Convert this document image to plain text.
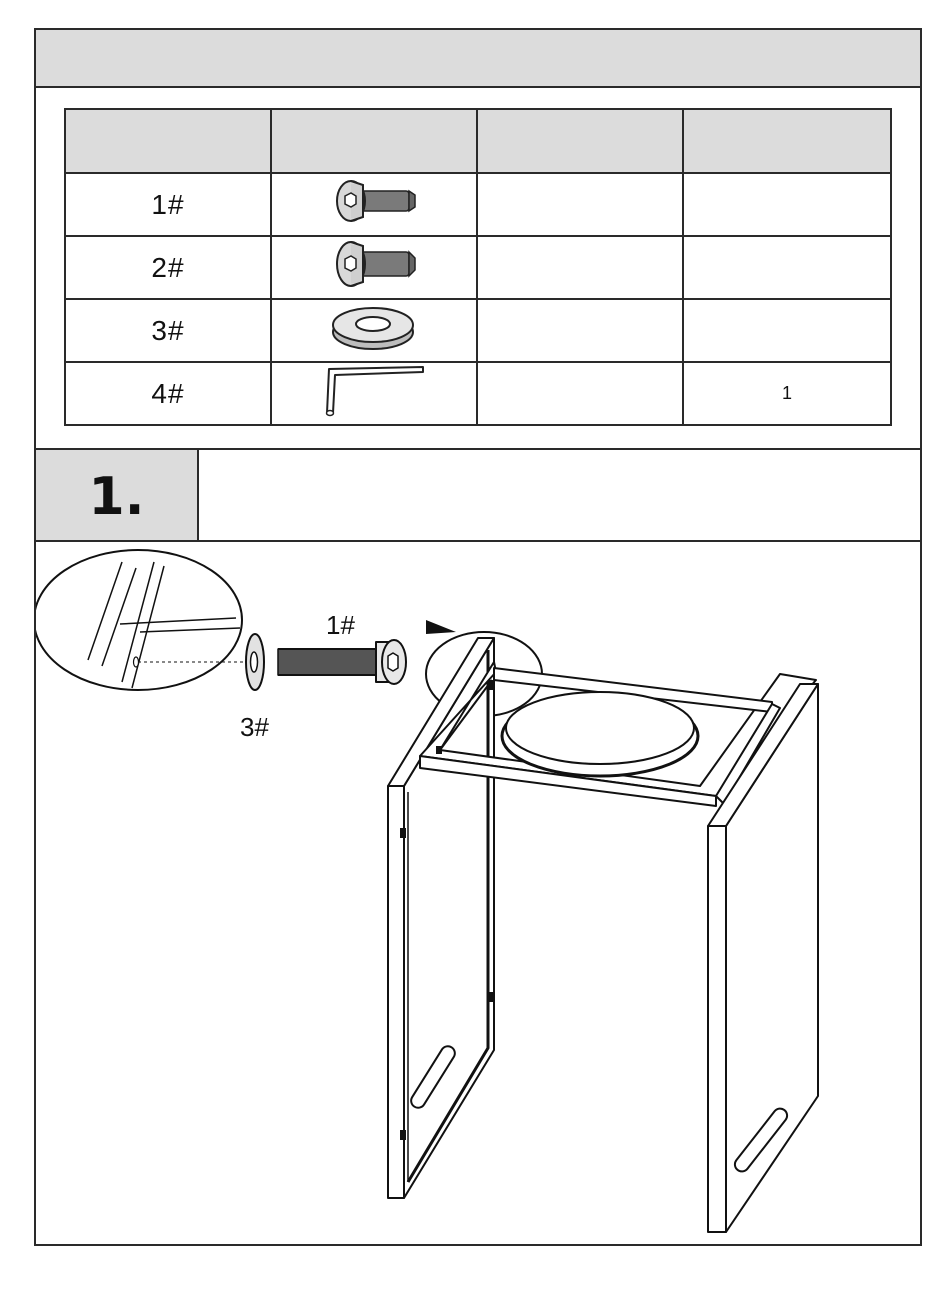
1#			
2#			
3#			
4#			1
1.
1#
3#
